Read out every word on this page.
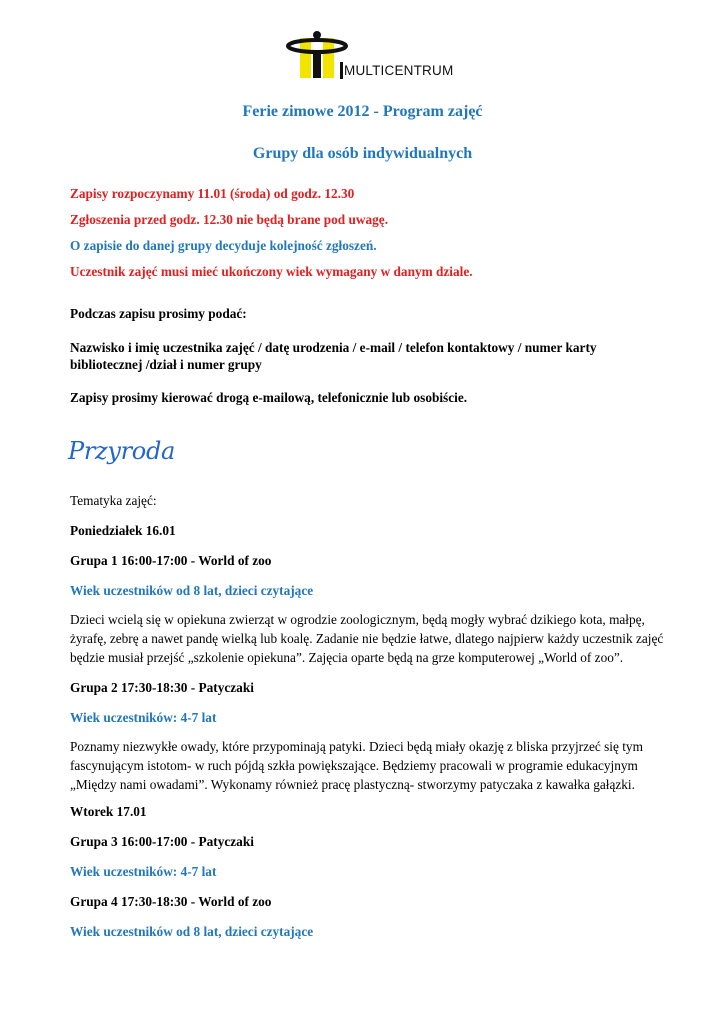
MULTICENTRUM
Ferie zimowe 2012 - Program zajęć
Grupy dla osób indywidualnych
Zapisy rozpoczynamy 11.01 (środa) od godz. 12.30
Zgłoszenia przed godz. 12.30 nie będą brane pod uwagę.
O zapisie do danej grupy decyduje kolejność zgłoszeń.
Uczestnik zajęć musi mieć ukończony wiek wymagany w danym dziale.
Podczas zapisu prosimy podać:
Nazwisko i imię uczestnika zajęć / datę urodzenia / e-mail / telefon kontaktowy / numer karty
bibliotecznej /dział i numer grupy
Zapisy prosimy kierować drogą e-mailową, telefonicznie lub osobiście.
Przyroda
Tematyka zajęć:
Poniedziałek 16.01
Grupa 1 16:00-17:00 - World of zoo
Wiek uczestników od 8 lat, dzieci czytające
Dzieci wcielą się w opiekuna zwierząt w ogrodzie zoologicznym, będą mogły wybrać dzikiego kota, małpę,
żyrafę, zebrę a nawet pandę wielką lub koalę. Zadanie nie będzie łatwe, dlatego najpierw każdy uczestnik zajęć
będzie musiał przejść „szkolenie opiekuna”. Zajęcia oparte będą na grze komputerowej „World of zoo”.
Grupa 2 17:30-18:30 - Patyczaki
Wiek uczestników: 4-7 lat
Poznamy niezwykłe owady, które przypominają patyki. Dzieci będą miały okazję z bliska przyjrzeć się tym
fascynującym istotom- w ruch pójdą szkła powiększające. Będziemy pracowali w programie edukacyjnym
„Między nami owadami”. Wykonamy również pracę plastyczną- stworzymy patyczaka z kawałka gałązki.
Wtorek 17.01
Grupa 3 16:00-17:00 - Patyczaki
Wiek uczestników: 4-7 lat
Grupa 4 17:30-18:30 - World of zoo
Wiek uczestników od 8 lat, dzieci czytające
